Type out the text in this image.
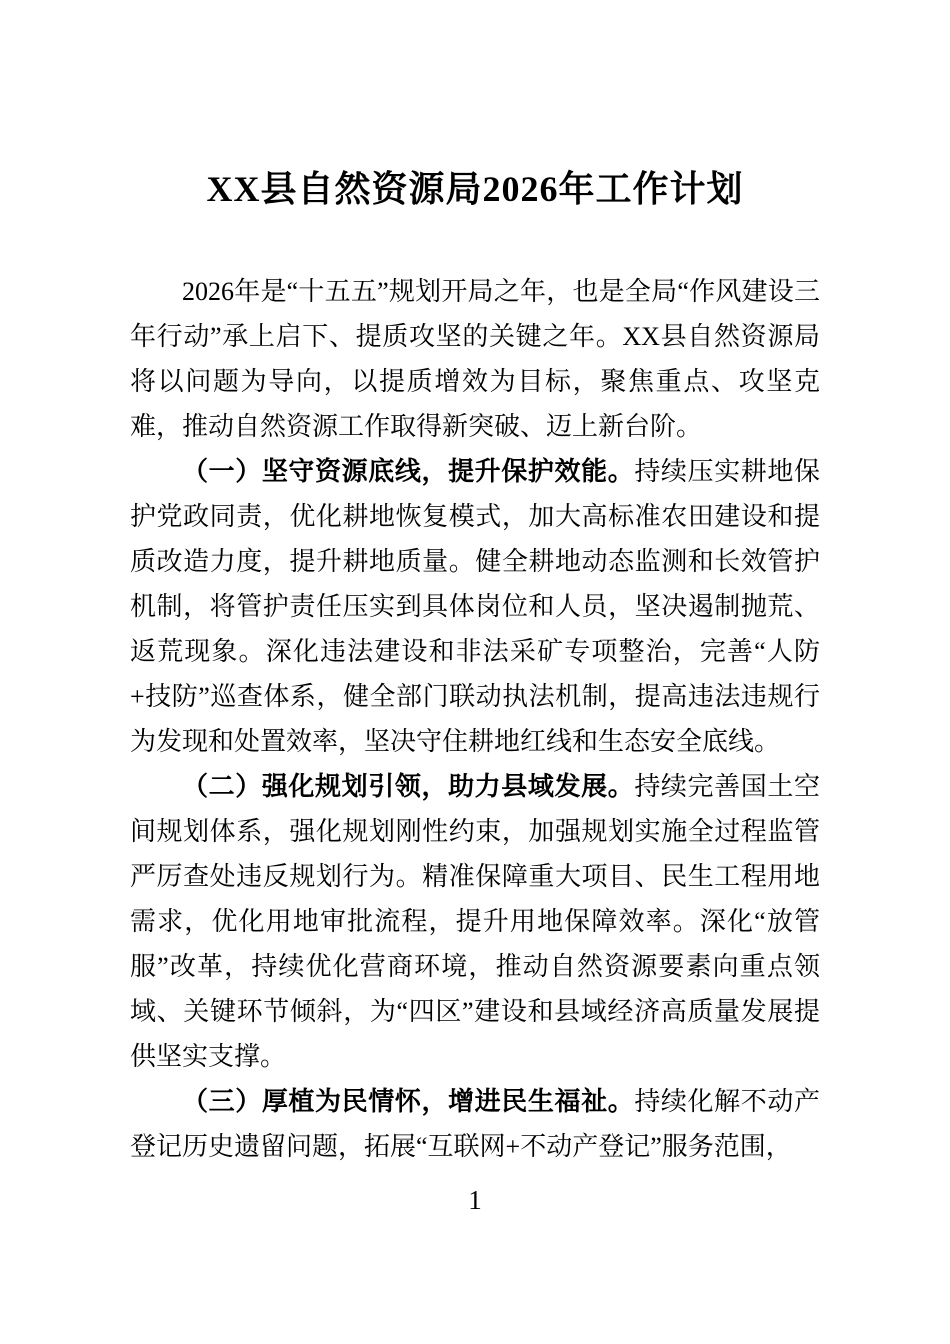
XX县自然资源局2026年工作计划

2026年是“十五五”规划开局之年，也是全局“作风建设三年行动”承上启下、提质攻坚的关键之年。XX县自然资源局将以问题为导向，以提质增效为目标，聚焦重点、攻坚克难，推动自然资源工作取得新突破、迈上新台阶。

（一）坚守资源底线，提升保护效能。持续压实耕地保护党政同责，优化耕地恢复模式，加大高标准农田建设和提质改造力度，提升耕地质量。健全耕地动态监测和长效管护机制，将管护责任压实到具体岗位和人员，坚决遏制抛荒、返荒现象。深化违法建设和非法采矿专项整治，完善“人防+技防”巡查体系，健全部门联动执法机制，提高违法违规行为发现和处置效率，坚决守住耕地红线和生态安全底线。

（二）强化规划引领，助力县域发展。持续完善国土空间规划体系，强化规划刚性约束，加强规划实施全过程监管严厉查处违反规划行为。精准保障重大项目、民生工程用地需求，优化用地审批流程，提升用地保障效率。深化“放管服”改革，持续优化营商环境，推动自然资源要素向重点领域、关键环节倾斜，为“四区”建设和县域经济高质量发展提供坚实支撑。

（三）厚植为民情怀，增进民生福祉。持续化解不动产登记历史遗留问题，拓展“互联网+不动产登记”服务范围，

1
